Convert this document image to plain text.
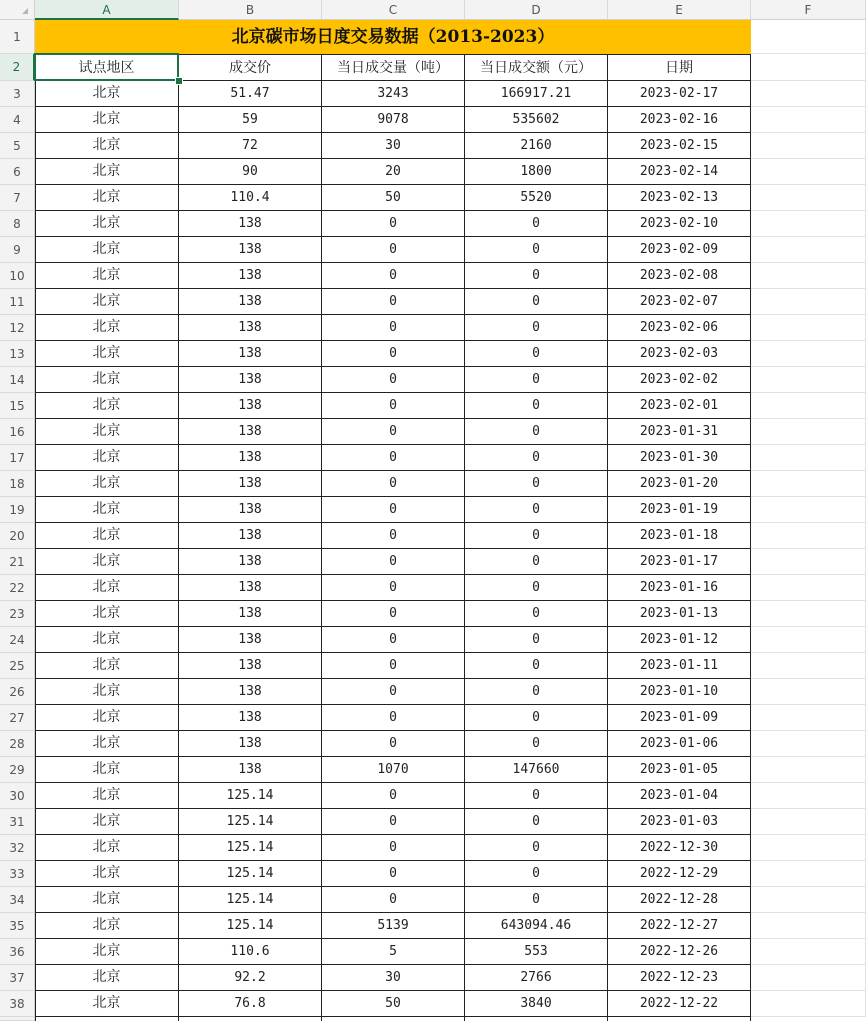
A	B	C	D	E	F
1	北京碳市场日度交易数据（2013-2023）
2	试点地区	成交价	当日成交量（吨）	当日成交额（元）	日期
3	北京	51.47	3243	166917.21	2023-02-17
4	北京	59	9078	535602	2023-02-16
5	北京	72	30	2160	2023-02-15
6	北京	90	20	1800	2023-02-14
7	北京	110.4	50	5520	2023-02-13
8	北京	138	0	0	2023-02-10
9	北京	138	0	0	2023-02-09
10	北京	138	0	0	2023-02-08
11	北京	138	0	0	2023-02-07
12	北京	138	0	0	2023-02-06
13	北京	138	0	0	2023-02-03
14	北京	138	0	0	2023-02-02
15	北京	138	0	0	2023-02-01
16	北京	138	0	0	2023-01-31
17	北京	138	0	0	2023-01-30
18	北京	138	0	0	2023-01-20
19	北京	138	0	0	2023-01-19
20	北京	138	0	0	2023-01-18
21	北京	138	0	0	2023-01-17
22	北京	138	0	0	2023-01-16
23	北京	138	0	0	2023-01-13
24	北京	138	0	0	2023-01-12
25	北京	138	0	0	2023-01-11
26	北京	138	0	0	2023-01-10
27	北京	138	0	0	2023-01-09
28	北京	138	0	0	2023-01-06
29	北京	138	1070	147660	2023-01-05
30	北京	125.14	0	0	2023-01-04
31	北京	125.14	0	0	2023-01-03
32	北京	125.14	0	0	2022-12-30
33	北京	125.14	0	0	2022-12-29
34	北京	125.14	0	0	2022-12-28
35	北京	125.14	5139	643094.46	2022-12-27
36	北京	110.6	5	553	2022-12-26
37	北京	92.2	30	2766	2022-12-23
38	北京	76.8	50	3840	2022-12-22
